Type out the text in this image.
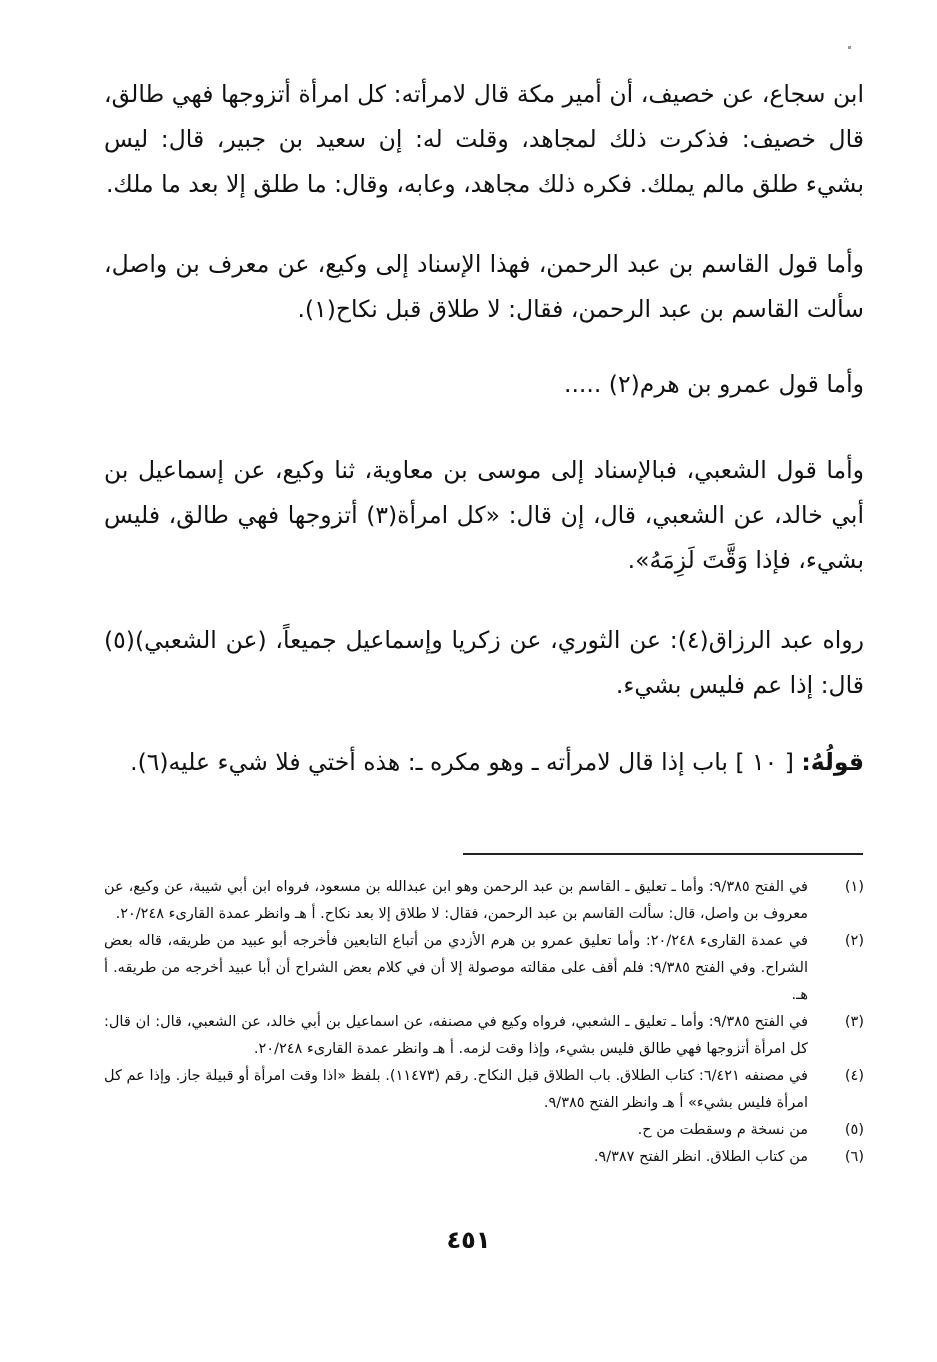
ابن سجاع، عن خصيف، أن أمير مكة قال لامرأته: كل امرأة أتزوجها فهي طالق، قال خصيف: فذكرت ذلك لمجاهد، وقلت له: إن سعيد بن جبير، قال: ليس بشيء طلق مالم يملك. فكره ذلك مجاهد، وعابه، وقال: ما طلق إلا بعد ما ملك.
وأما قول القاسم بن عبد الرحمن، فهذا الإسناد إلى وكيع، عن معرف بن واصل، سألت القاسم بن عبد الرحمن، فقال: لا طلاق قبل نكاح(١).
وأما قول عمرو بن هرم(٢) .....
وأما قول الشعبي، فبالإسناد إلى موسى بن معاوية، ثنا وكيع، عن إسماعيل بن أبي خالد، عن الشعبي، قال، إن قال: «كل امرأة(٣) أتزوجها فهي طالق، فليس بشيء، فإذا وَقَّتَ لَزِمَهُ».
رواه عبد الرزاق(٤): عن الثوري، عن زكريا وإسماعيل جميعاً، (عن الشعبي)(٥) قال: إذا عم فليس بشيء.
قولُهُ: [ ١٠ ] باب إذا قال لامرأته ـ وهو مكره ـ: هذه أختي فلا شيء عليه(٦).
(١)
في الفتح ٩/٣٨٥: وأما ـ تعليق ـ القاسم بن عبد الرحمن وهو ابن عبدالله بن مسعود، فرواه ابن أبي شيبة، عن وكيع، عن معروف بن واصل، قال: سألت القاسم بن عبد الرحمن، فقال: لا طلاق إلا بعد نكاح. أ هـ وانظر عمدة القارىء ٢٠/٢٤٨.
(٢)
في عمدة القارىء ٢٠/٢٤٨: وأما تعليق عمرو بن هرم الأزدي من أتباع التابعين فأخرجه أبو عبيد من طريقه، قاله بعض الشراح. وفي الفتح ٩/٣٨٥: فلم أقف على مقالته موصولة إلا أن في كلام بعض الشراح أن أبا عبيد أخرجه من طريقه. أ هـ.
(٣)
في الفتح ٩/٣٨٥: وأما ـ تعليق ـ الشعبي، فرواه وكيع في مصنفه، عن اسماعيل بن أبي خالد، عن الشعبي، قال: ان قال: كل امرأة أتزوجها فهي طالق فليس بشيء، وإذا وقت لزمه. أ هـ وانظر عمدة القارىء ٢٠/٢٤٨.
(٤)
في مصنفه ٦/٤٢١: كتاب الطلاق. باب الطلاق قبل النكاح. رقم (١١٤٧٣). بلفظ «اذا وقت امرأة أو قبيلة جاز. وإذا عم كل امرأة فليس بشيء» أ هـ وانظر الفتح ٩/٣٨٥.
(٥)
من نسخة م وسقطت من ح.
(٦)
من كتاب الطلاق. انظر الفتح ٩/٣٨٧.
٤٥١
